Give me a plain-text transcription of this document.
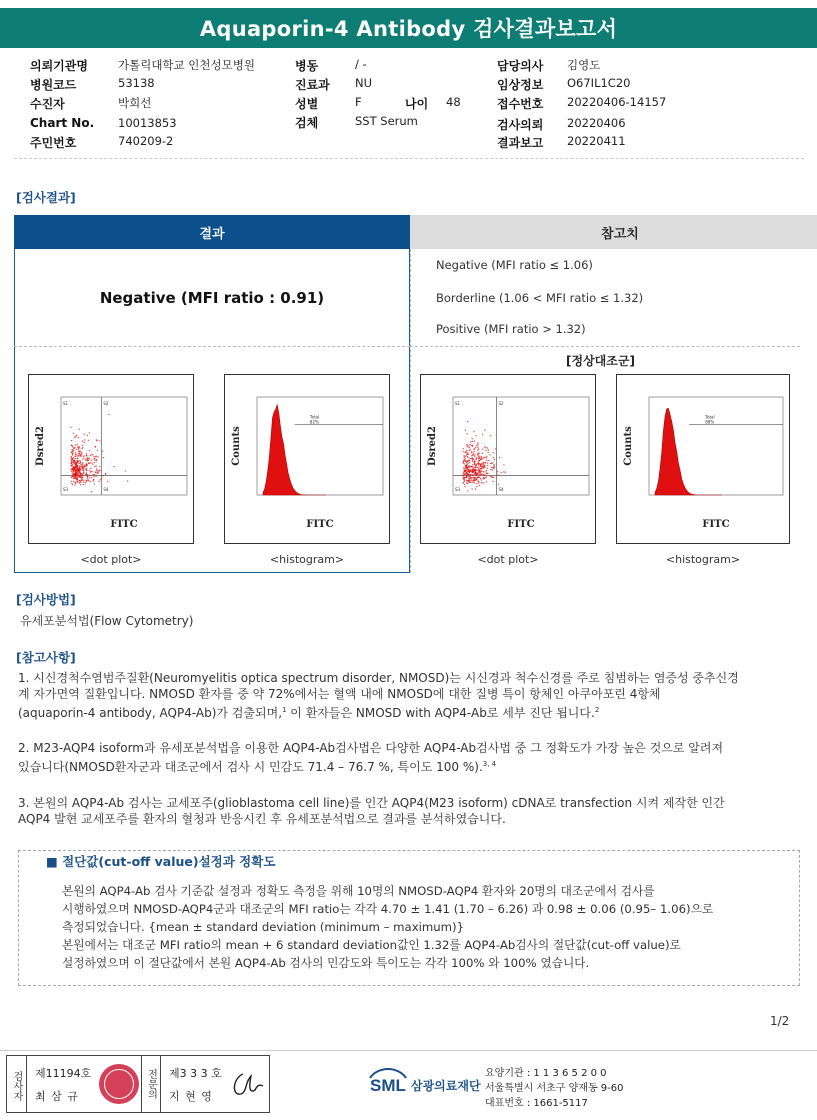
Aquaporin-4 Antibody 검사결과보고서
의뢰기관명	가톨릭대학교 인천성모병원
병원코드	53138
수진자	박희선
Chart No. 10013853
주민번호	740209-2
병동	/ -
진료과 NU
성별	F	나이 48
검체	SST Serum
담당의사 김영도
임상정보 O67IL1C20
접수번호 20220406-14157
검사의뢰 20220406
결과보고 20220411
[검사결과]
결과	참고치
Negative (MFI ratio : 0.91)
Negative (MFI ratio ≤ 1.06)
Borderline (1.06 < MFI ratio ≤ 1.32)
Positive (MFI ratio > 1.32)
[정상대조군]
S1	S2
S3	S4
Dsred2
FITC
Total
82%
Counts
FITC
S1	S2
S3	S4
Dsred2
FITC
Total
88%
Counts
FITC
<dot plot>	<histogram>	<dot plot>	<histogram>
[검사방법]
유세포분석법(Flow Cytometry)
[참고사항]
1. 시신경척수염범주질환(Neuromyelitis optica spectrum disorder, NMOSD)는 시신경과 척수신경를 주로 침범하는 염증성 중추신경
계 자가면역 질환입니다. NMOSD 환자를 중 약 72%에서는 혈액 내에 NMOSD에 대한 질병 특이 항체인 아쿠아포린 4항체
(aquaporin-4 antibody, AQP4-Ab)가 검출되며,$^1$ 이 환자들은 NMOSD with AQP4-Ab로 세부 진단 됩니다.$^2$
2. M23-AQP4 isoform과 유세포분석법을 이용한 AQP4-Ab검사법은 다양한 AQP4-Ab검사법 중 그 정확도가 가장 높은 것으로 알려져
있습니다(NMOSD환자군과 대조군에서 검사 시 민감도 71.4 – 76.7 %, 특이도 100 %).$^{3, 4}$
3. 본원의 AQP4-Ab 검사는 교세포주(glioblastoma cell line)를 인간 AQP4(M23 isoform) cDNA로 transfection 시켜 제작한 인간
AQP4 발현 교세포주를 환자의 혈청과 반응시킨 후 유세포분석법으로 결과를 분석하였습니다.
■ 절단값(cut-off value)설정과 정확도
본원의 AQP4-Ab 검사 기준값 설정과 정확도 측정을 위해 10명의 NMOSD-AQP4 환자와 20명의 대조군에서 검사를
시행하였으며 NMOSD-AQP4군과 대조군의 MFI ratio는 각각 4.70 ± 1.41 (1.70 – 6.26) 과 0.98 ± 0.06 (0.95– 1.06)으로
측정되었습니다. {mean ± standard deviation (minimum – maximum)}
본원에서는 대조군 MFI ratio의 mean + 6 standard deviation값인 1.32를 AQP4-Ab검사의 절단값(cut-off value)로
설정하였으며 이 절단값에서 본원 AQP4-Ab 검사의 민감도와 특이도는 각각 100% 와 100% 였습니다.
1/2
검사자	제11194호
최 삼 규	전문의	제3 3 3 호
지 현 영
SML 삼광의료재단
요양기관 : 1 1 3 6 5 2 0 0
서울특별시 서초구 양재동 9-60
대표번호 : 1661-5117
